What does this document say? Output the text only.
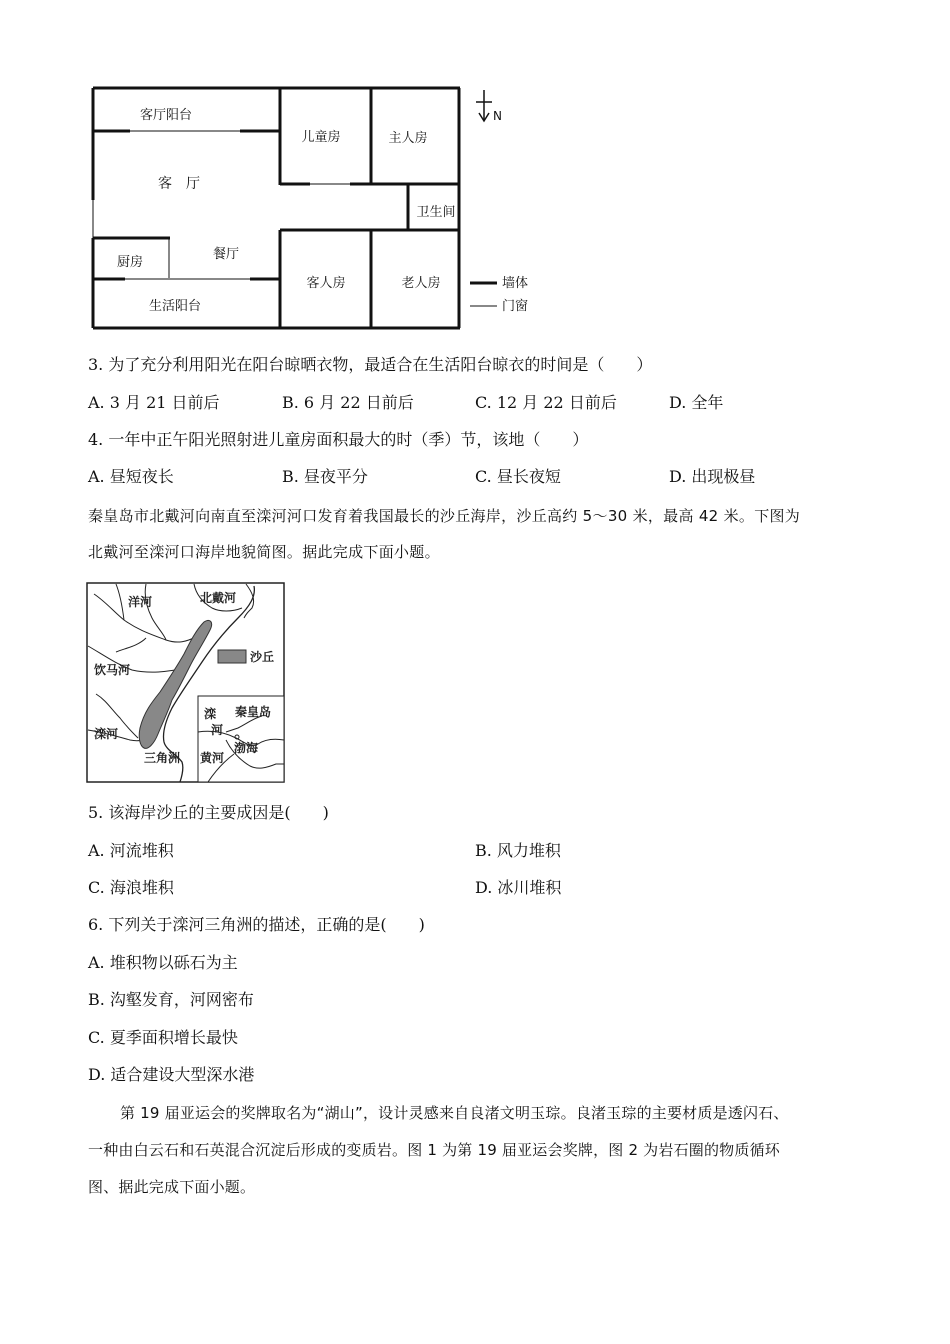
客厅阳台
客　厅
儿童房	主人房
卫生间
厨房
餐厅
客人房	老人房
生活阳台
N
墙体
门窗
3. 为了充分利用阳光在阳台晾晒衣物，最适合在生活阳台晾衣的时间是（　　）
A. 3 月 21 日前后	B. 6 月 22 日前后	C. 12 月 22 日前后	D. 全年
4. 一年中正午阳光照射进儿童房面积最大的时（季）节，该地（　　）
A. 昼短夜长	B. 昼夜平分	C. 昼长夜短	D. 出现极昼
秦皇岛市北戴河向南直至滦河河口发育着我国最长的沙丘海岸，沙丘高约 5～30 米，最高 42 米。下图为
北戴河至滦河口海岸地貌简图。据此完成下面小题。
洋河	北戴河
饮马河
滦河
三角洲
沙丘
滦
河
秦皇岛
渤海
黄河
5. 该海岸沙丘的主要成因是(　　)
A. 河流堆积	B. 风力堆积
C. 海浪堆积	D. 冰川堆积
6. 下列关于滦河三角洲的描述，正确的是(　　)
A. 堆积物以砾石为主
B. 沟壑发育，河网密布
C. 夏季面积增长最快
D. 适合建设大型深水港
第 19 届亚运会的奖牌取名为“湖山”，设计灵感来自良渚文明玉琮。良渚玉琮的主要材质是透闪石、
一种由白云石和石英混合沉淀后形成的变质岩。图 1 为第 19 届亚运会奖牌，图 2 为岩石圈的物质循环
图、据此完成下面小题。
